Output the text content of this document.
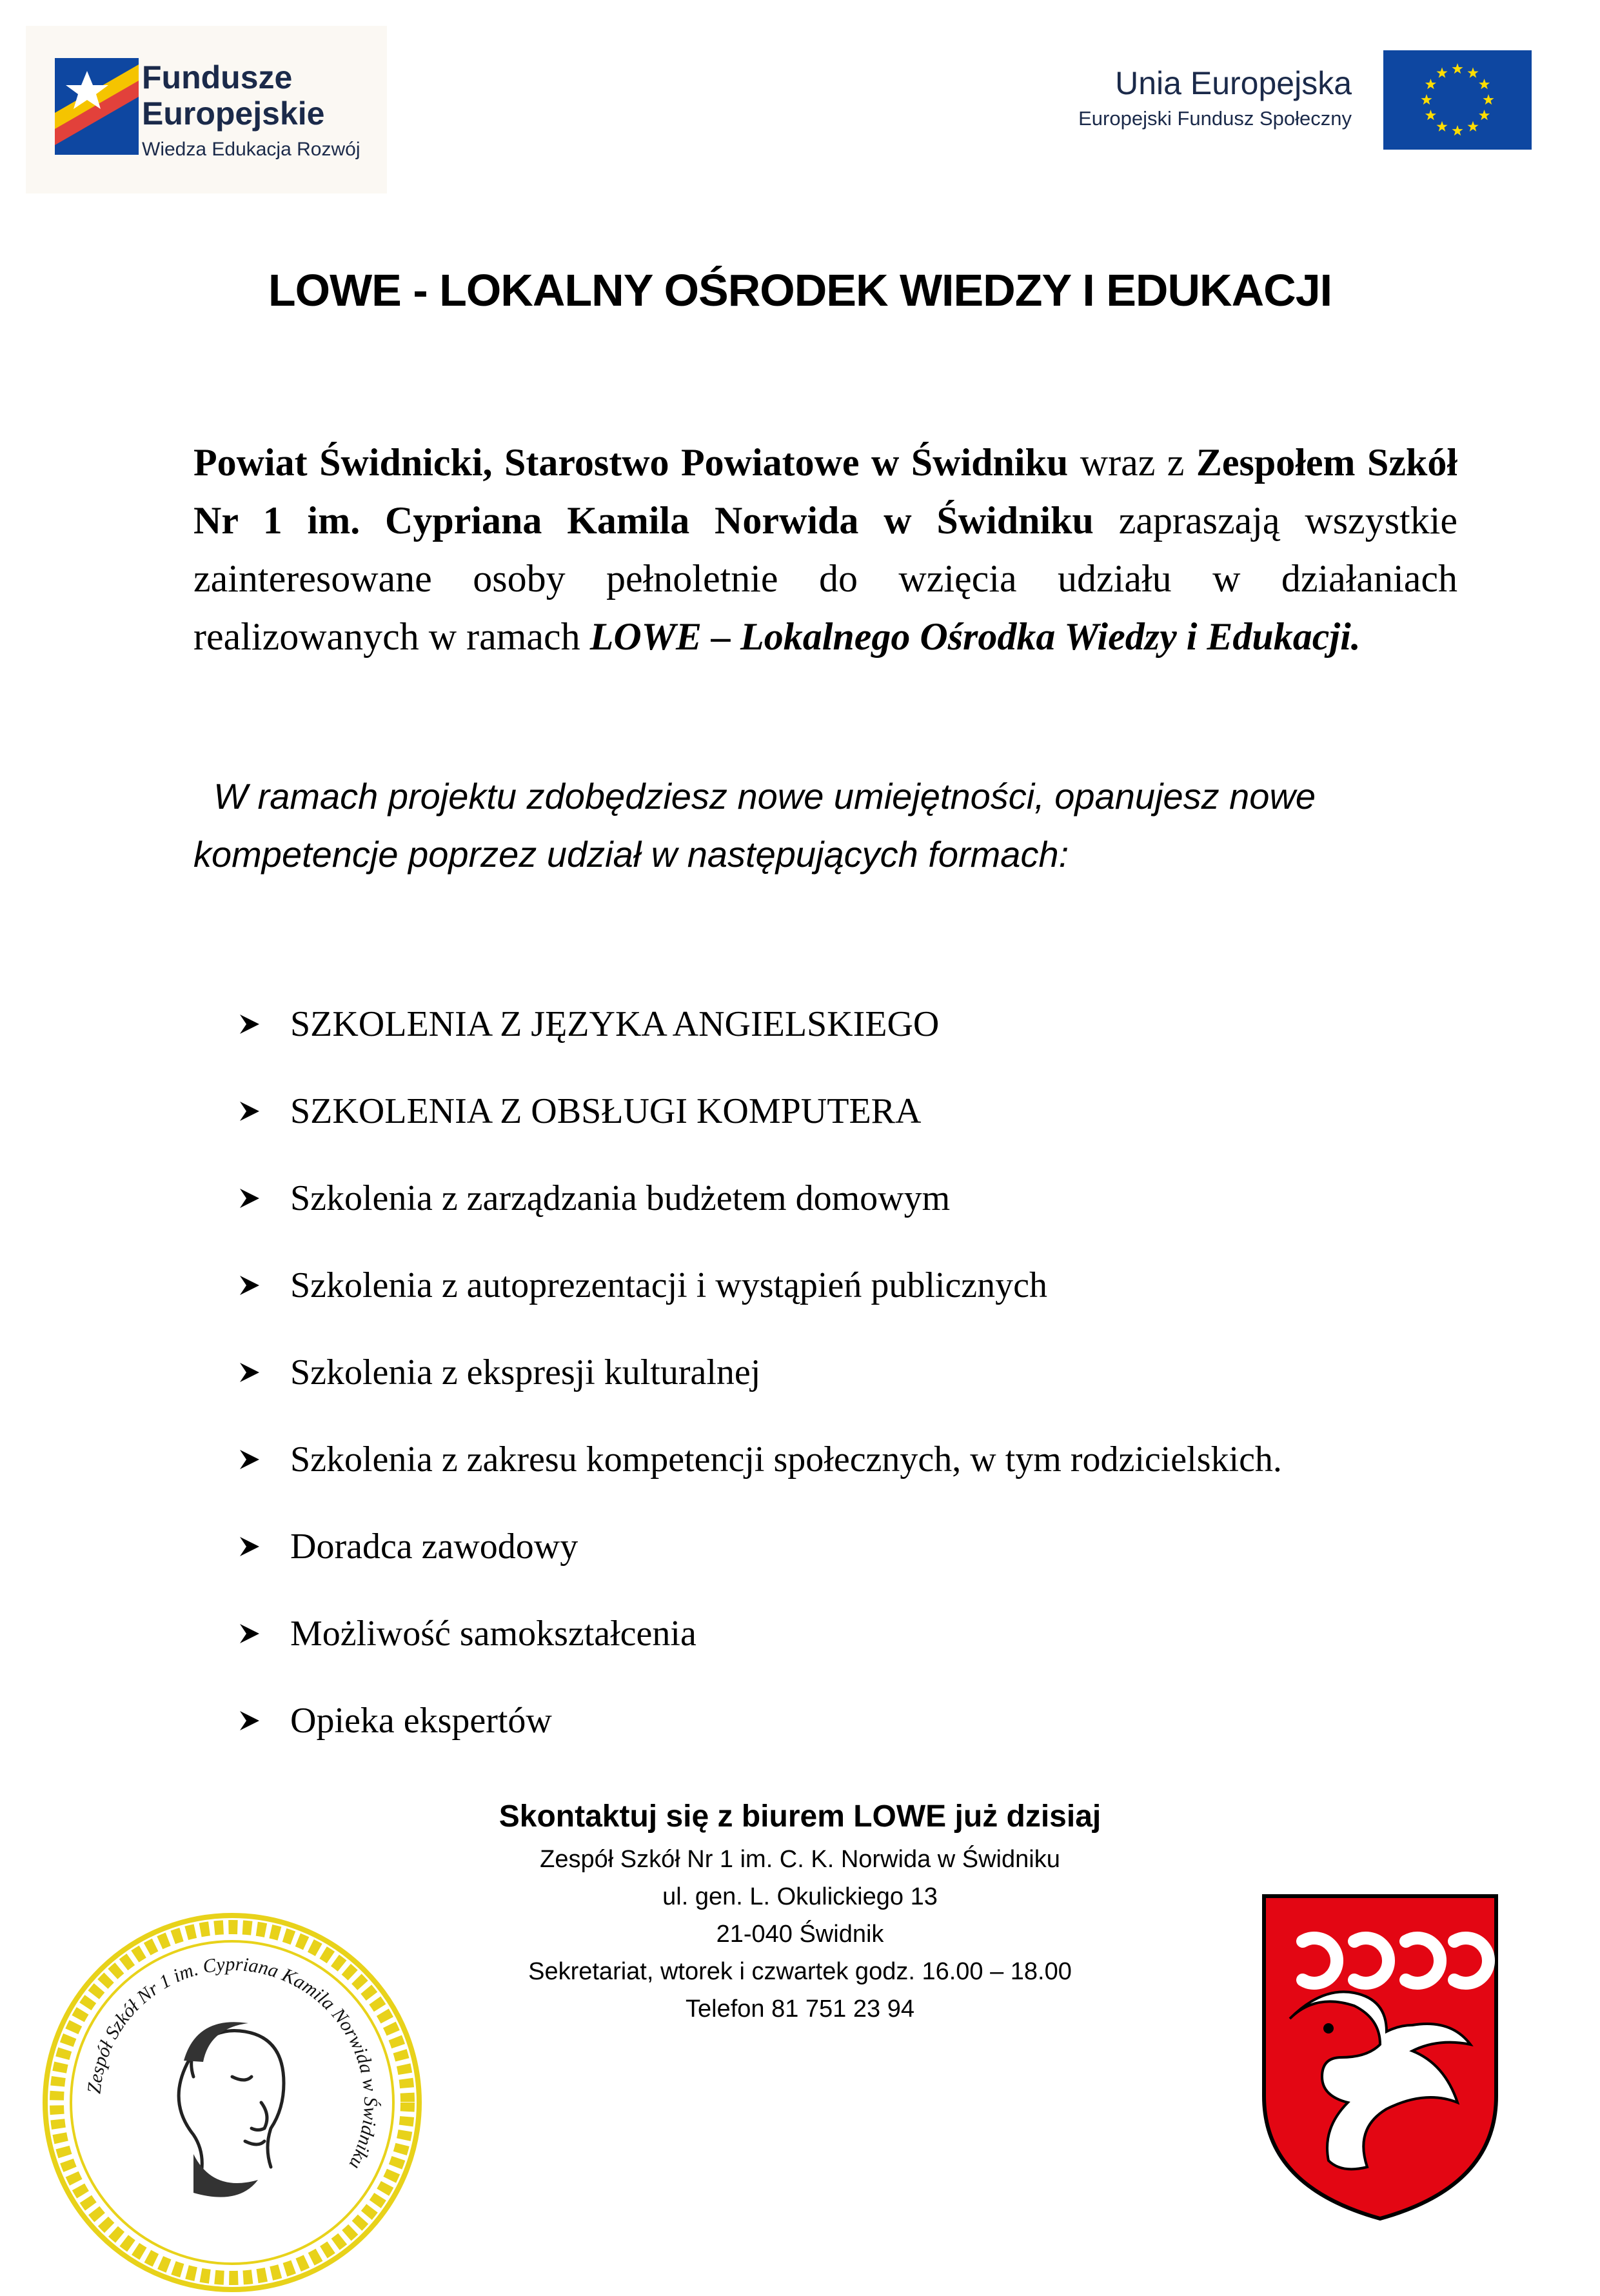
Fundusze
Europejskie
Wiedza Edukacja Rozwój
Unia Europejska
Europejski Fundusz Społeczny
LOWE - LOKALNY OŚRODEK WIEDZY I EDUKACJI
Powiat Świdnicki, Starostwo Powiatowe w Świdniku wraz z Zespołem Szkół Nr 1 im. Cypriana Kamila Norwida w Świdniku zapraszają wszystkie zainteresowane osoby pełnoletnie do wzięcia udziału w działaniach realizowanych w ramach LOWE – Lokalnego Ośrodka Wiedzy i Edukacji.
W ramach projektu zdobędziesz nowe umiejętności, opanujesz nowe kompetencje poprzez udział w następujących formach:
SZKOLENIA Z JĘZYKA ANGIELSKIEGO
SZKOLENIA Z OBSŁUGI KOMPUTERA
Szkolenia z zarządzania budżetem domowym
Szkolenia z autoprezentacji i wystąpień publicznych
Szkolenia z ekspresji kulturalnej
Szkolenia z zakresu kompetencji społecznych, w tym rodzicielskich.
Doradca zawodowy
Możliwość samokształcenia
Opieka ekspertów
Skontaktuj się z biurem LOWE już dzisiaj
Zespół Szkół Nr 1 im. C. K. Norwida w Świdniku
ul. gen. L. Okulickiego 13
21-040 Świdnik
Sekretariat, wtorek i czwartek godz. 16.00 – 18.00
Telefon 81 751 23 94
Zespół Szkół Nr 1 im. Cypriana Kamila Norwida w Świdniku
